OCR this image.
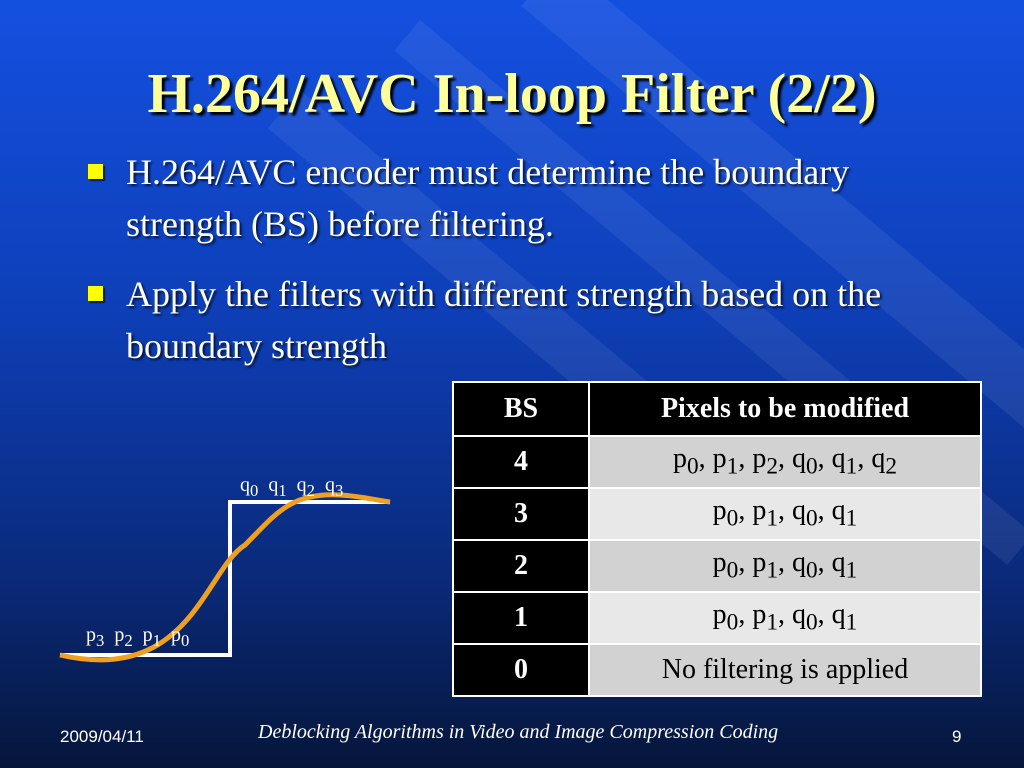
H.264/AVC In-loop Filter (2/2)
H.264/AVC encoder must determine the boundary strength (BS) before filtering.
Apply the filters with different strength based on the boundary strength
$q_0$ $q_1$ $q_2$ $q_3$
$p_3$ $p_2$ $p_1$ $p_0$
BS	Pixels to be modified
4	$p_0$, $p_1$, $p_2$, $q_0$, $q_1$, $q_2$
3	$p_0$, $p_1$, $q_0$, $q_1$
2	$p_0$, $p_1$, $q_0$, $q_1$
1	$p_0$, $p_1$, $q_0$, $q_1$
0	No filtering is applied
2009/04/11	Deblocking Algorithms in Video and Image Compression Coding	9
